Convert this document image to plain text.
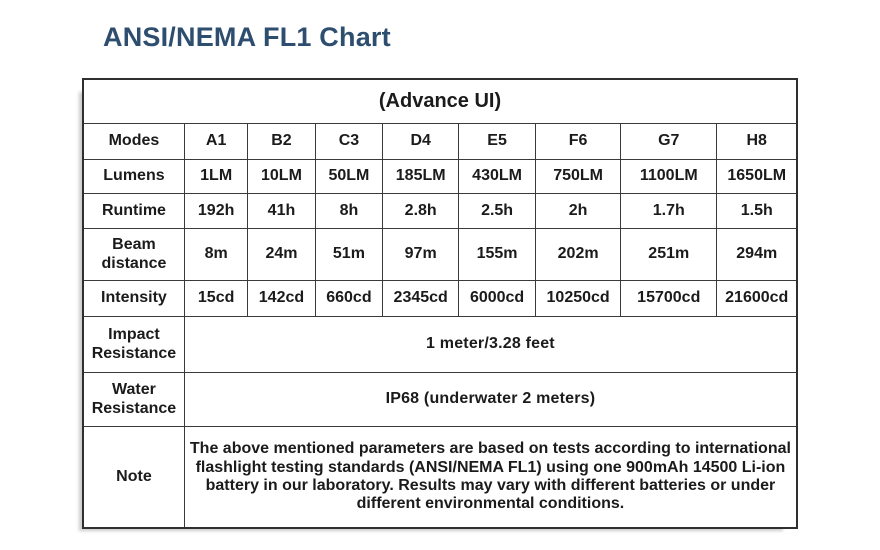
ANSI/NEMA FL1 Chart
(Advance UI)								
Modes	A1	B2	C3	D4	E5	F6	G7	H8
Lumens	1LM	10LM	50LM	185LM	430LM	750LM	1100LM	1650LM
Runtime	192h	41h	8h	2.8h	2.5h	2h	1.7h	1.5h

Beam
distance	8m	24m	51m	97m	155m	202m	251m	294m
Intensity	15cd	142cd	660cd	2345cd	6000cd	10250cd	15700cd	21600cd

Impact
Resistance	1 meter/3.28 feet							

Water
Resistance	IP68 (underwater 2 meters)							
Note	The above mentioned parameters are based on tests according to international flashlight testing standards (ANSI/NEMA FL1) using one 900mAh 14500 Li-ion battery in our laboratory. Results may vary with different batteries or under different environmental conditions.							
